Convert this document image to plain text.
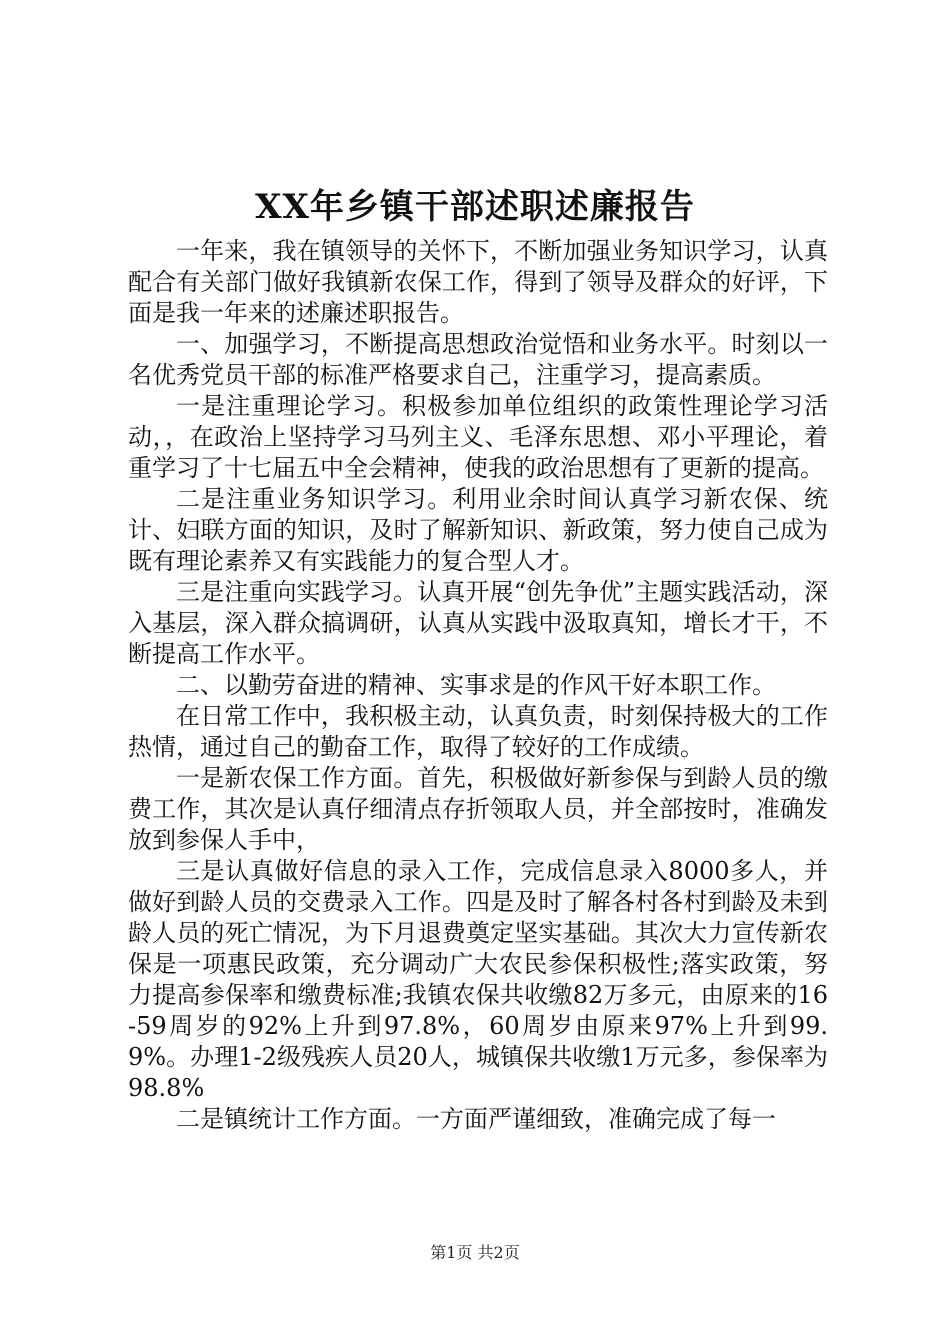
XX年乡镇干部述职述廉报告

一年来，我在镇领导的关怀下，不断加强业务知识学习，认真配合有关部门做好我镇新农保工作，得到了领导及群众的好评，下面是我一年来的述廉述职报告。

一、加强学习，不断提高思想政治觉悟和业务水平。时刻以一名优秀党员干部的标准严格要求自己，注重学习，提高素质。

一是注重理论学习。积极参加单位组织的政策性理论学习活动，，在政治上坚持学习马列主义、毛泽东思想、邓小平理论，着重学习了十七届五中全会精神，使我的政治思想有了更新的提高。

二是注重业务知识学习。利用业余时间认真学习新农保、统计、妇联方面的知识，及时了解新知识、新政策，努力使自己成为既有理论素养又有实践能力的复合型人才。

三是注重向实践学习。认真开展“创先争优”主题实践活动，深入基层，深入群众搞调研，认真从实践中汲取真知，增长才干，不断提高工作水平。

二、以勤劳奋进的精神、实事求是的作风干好本职工作。

在日常工作中，我积极主动，认真负责，时刻保持极大的工作热情，通过自己的勤奋工作，取得了较好的工作成绩。

一是新农保工作方面。首先，积极做好新参保与到龄人员的缴费工作，其次是认真仔细清点存折领取人员，并全部按时，准确发放到参保人手中，

三是认真做好信息的录入工作，完成信息录入8000多人，并做好到龄人员的交费录入工作。四是及时了解各村各村到龄及未到龄人员的死亡情况，为下月退费奠定坚实基础。其次大力宣传新农保是一项惠民政策，充分调动广大农民参保积极性;落实政策，努力提高参保率和缴费标准;我镇农保共收缴82万多元，由原来的16-59周岁的92%上升到97.8%，60周岁由原来97%上升到99.9%。办理1-2级残疾人员20人，城镇保共收缴1万元多，参保率为98.8%

二是镇统计工作方面。一方面严谨细致，准确完成了每一

第1页 共2页
